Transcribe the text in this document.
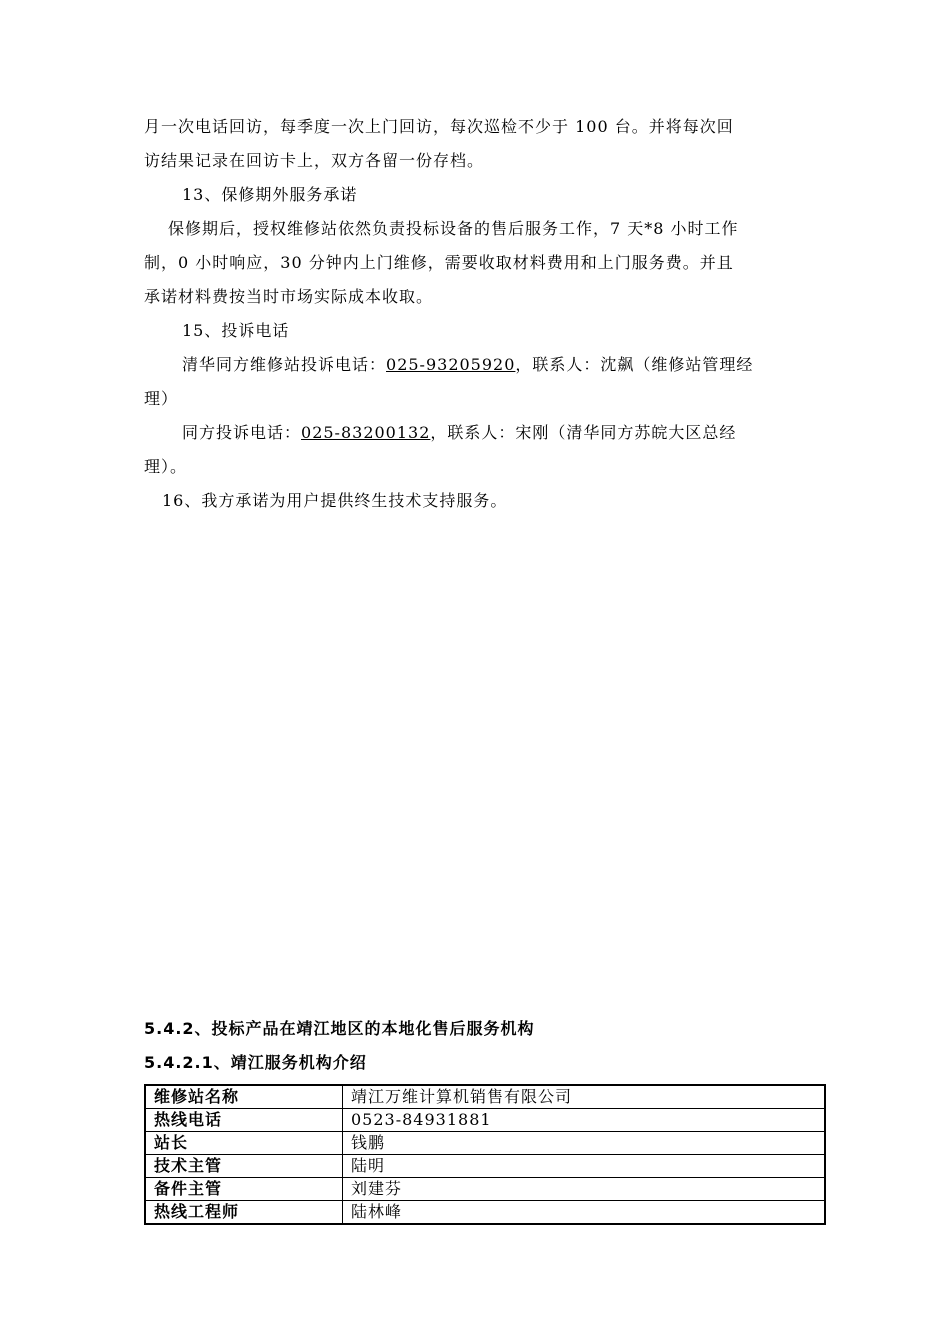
月一次电话回访，每季度一次上门回访，每次巡检不少于 100 台。并将每次回

访结果记录在回访卡上，双方各留一份存档。

13、保修期外服务承诺

保修期后，授权维修站依然负责投标设备的售后服务工作，7 天*8 小时工作

制，0 小时响应，30 分钟内上门维修，需要收取材料费用和上门服务费。并且

承诺材料费按当时市场实际成本收取。

15、投诉电话

清华同方维修站投诉电话：025-93205920，联系人：沈飙（维修站管理经

理）

同方投诉电话：025-83200132，联系人：宋刚（清华同方苏皖大区总经

理）。

16、我方承诺为用户提供终生技术支持服务。

5.4.2、投标产品在靖江地区的本地化售后服务机构

5.4.2.1、靖江服务机构介绍

维修站名称	靖江万维计算机销售有限公司
热线电话	0523-84931881
站长	钱鹏
技术主管	陆明
备件主管	刘建芬
热线工程师	陆林峰
